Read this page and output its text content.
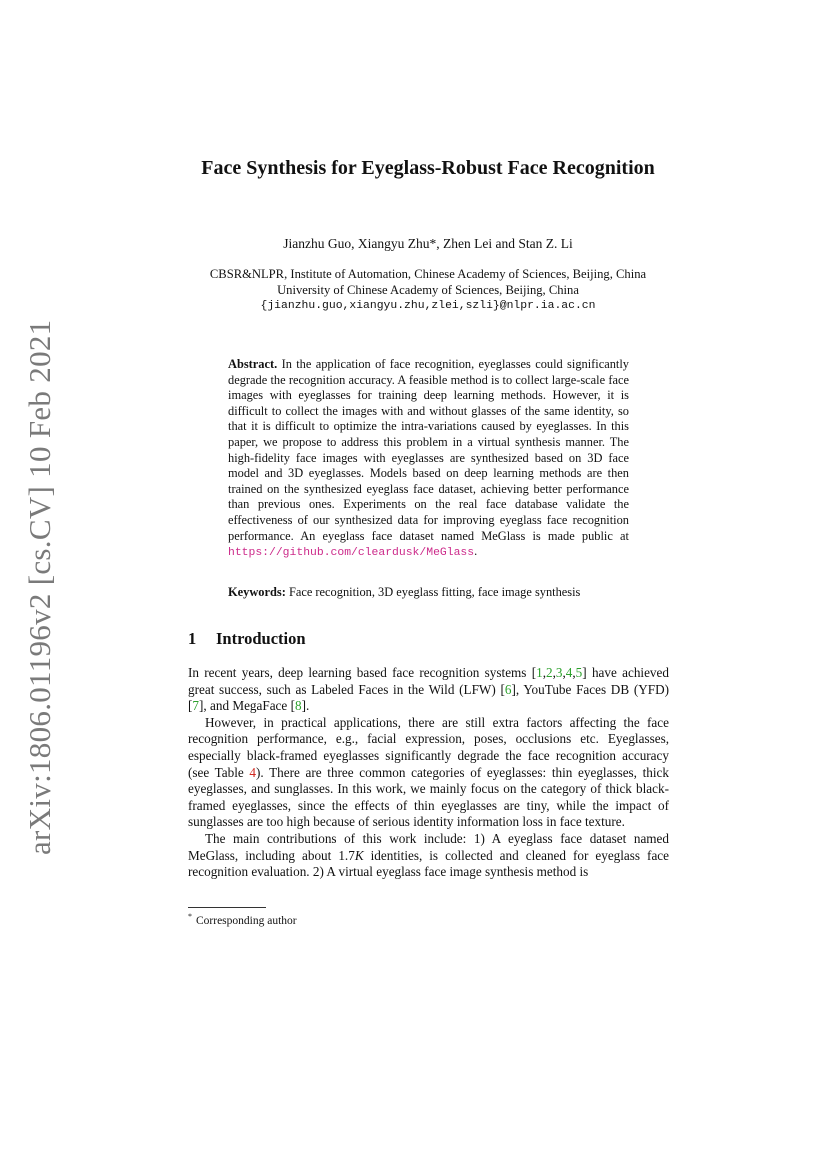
arXiv:1806.01196v2 [cs.CV] 10 Feb 2021
Face Synthesis for Eyeglass-Robust Face Recognition
Jianzhu Guo, Xiangyu Zhu*, Zhen Lei and Stan Z. Li
CBSR&NLPR, Institute of Automation, Chinese Academy of Sciences, Beijing, China
University of Chinese Academy of Sciences, Beijing, China
{jianzhu.guo,xiangyu.zhu,zlei,szli}@nlpr.ia.ac.cn
Abstract. In the application of face recognition, eyeglasses could significantly degrade the recognition accuracy. A feasible method is to collect large-scale face images with eyeglasses for training deep learning methods. However, it is difficult to collect the images with and without glasses of the same identity, so that it is difficult to optimize the intra-variations caused by eyeglasses. In this paper, we propose to address this problem in a virtual synthesis manner. The high-fidelity face images with eyeglasses are synthesized based on 3D face model and 3D eyeglasses. Models based on deep learning methods are then trained on the synthesized eyeglass face dataset, achieving better performance than previous ones. Experiments on the real face database validate the effectiveness of our synthesized data for improving eyeglass face recognition performance. An eyeglass face dataset named MeGlass is made public at https://github.com/cleardusk/MeGlass.
Keywords: Face recognition, 3D eyeglass fitting, face image synthesis
1 Introduction

In recent years, deep learning based face recognition systems [1,2,3,4,5] have achieved great success, such as Labeled Faces in the Wild (LFW) [6], YouTube Faces DB (YFD) [7], and MegaFace [8].

However, in practical applications, there are still extra factors affecting the face recognition performance, e.g., facial expression, poses, occlusions etc. Eyeglasses, especially black-framed eyeglasses significantly degrade the face recognition accuracy (see Table 4). There are three common categories of eyeglasses: thin eyeglasses, thick eyeglasses, and sunglasses. In this work, we mainly focus on the category of thick black-framed eyeglasses, since the effects of thin eyeglasses are tiny, while the impact of sunglasses are too high because of serious identity information loss in face texture.

The main contributions of this work include: 1) A eyeglass face dataset named MeGlass, including about 1.7K identities, is collected and cleaned for eyeglass face recognition evaluation. 2) A virtual eyeglass face image synthesis method is

* Corresponding author
